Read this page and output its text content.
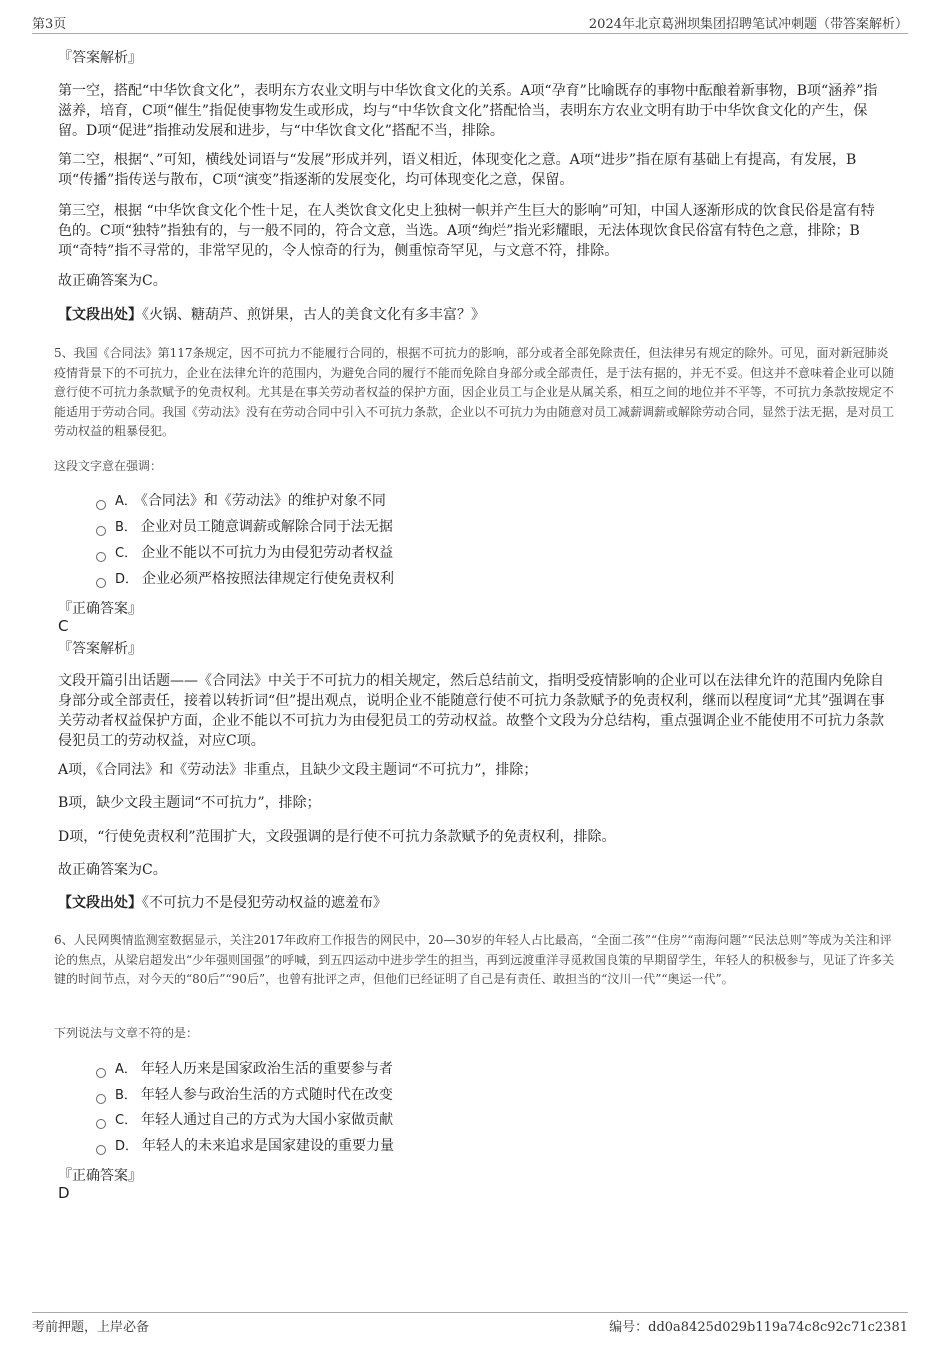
第3页	2024年北京葛洲坝集团招聘笔试冲刺题（带答案解析）
『答案解析』
第一空，搭配“中华饮食文化”，表明东方农业文明与中华饮食文化的关系。A项“孕育”比喻既存的事物中酝酿着新事物，B项“涵养”指滋养，培育，C项“催生”指促使事物发生或形成，均与“中华饮食文化”搭配恰当，表明东方农业文明有助于中华饮食文化的产生，保留。D项“促进”指推动发展和进步，与“中华饮食文化”搭配不当，排除。
第二空，根据“、”可知，横线处词语与“发展”形成并列，语义相近，体现变化之意。A项“进步”指在原有基础上有提高，有发展，B项“传播”指传送与散布，C项“演变”指逐渐的发展变化，均可体现变化之意，保留。
第三空，根据 “中华饮食文化个性十足，在人类饮食文化史上独树一帜并产生巨大的影响”可知，中国人逐渐形成的饮食民俗是富有特色的。C项“独特”指独有的，与一般不同的，符合文意，当选。A项“绚烂”指光彩耀眼，无法体现饮食民俗富有特色之意，排除；B项“奇特”指不寻常的，非常罕见的，令人惊奇的行为，侧重惊奇罕见，与文意不符，排除。
故正确答案为C。
【文段出处】《火锅、糖葫芦、煎饼果，古人的美食文化有多丰富？》
5、我国《合同法》第117条规定，因不可抗力不能履行合同的，根据不可抗力的影响，部分或者全部免除责任，但法律另有规定的除外。可见，面对新冠肺炎疫情背景下的不可抗力，企业在法律允许的范围内，为避免合同的履行不能而免除自身部分或全部责任，是于法有据的，并无不妥。但这并不意味着企业可以随意行使不可抗力条款赋予的免责权利。尤其是在事关劳动者权益的保护方面，因企业员工与企业是从属关系，相互之间的地位并不平等，不可抗力条款按规定不能适用于劳动合同。我国《劳动法》没有在劳动合同中引入不可抗力条款，企业以不可抗力为由随意对员工减薪调薪或解除劳动合同，显然于法无据，是对员工劳动权益的粗暴侵犯。
这段文字意在强调：
A． 《合同法》和《劳动法》的维护对象不同
B． 企业对员工随意调薪或解除合同于法无据
C． 企业不能以不可抗力为由侵犯劳动者权益
D． 企业必须严格按照法律规定行使免责权利
『正确答案』
C
『答案解析』
文段开篇引出话题——《合同法》中关于不可抗力的相关规定，然后总结前文，指明受疫情影响的企业可以在法律允许的范围内免除自身部分或全部责任，接着以转折词“但”提出观点，说明企业不能随意行使不可抗力条款赋予的免责权利，继而以程度词“尤其”强调在事关劳动者权益保护方面，企业不能以不可抗力为由侵犯员工的劳动权益。故整个文段为分总结构，重点强调企业不能使用不可抗力条款侵犯员工的劳动权益，对应C项。
A项，《合同法》和《劳动法》非重点，且缺少文段主题词“不可抗力”，排除；
B项，缺少文段主题词“不可抗力”，排除；
D项，“行使免责权利”范围扩大，文段强调的是行使不可抗力条款赋予的免责权利，排除。
故正确答案为C。
【文段出处】《不可抗力不是侵犯劳动权益的遮羞布》
6、人民网舆情监测室数据显示，关注2017年政府工作报告的网民中，20—30岁的年轻人占比最高，“全面二孩”“住房”“南海问题”“民法总则”等成为关注和评论的焦点，从梁启超发出“少年强则国强”的呼喊，到五四运动中进步学生的担当，再到远渡重洋寻觅救国良策的早期留学生，年轻人的积极参与，见证了许多关键的时间节点，对今天的“80后”“90后”，也曾有批评之声，但他们已经证明了自己是有责任、敢担当的“汶川一代”“奥运一代”。
下列说法与文章不符的是：
A． 年轻人历来是国家政治生活的重要参与者
B． 年轻人参与政治生活的方式随时代在改变
C． 年轻人通过自己的方式为大国小家做贡献
D． 年轻人的未来追求是国家建设的重要力量
『正确答案』
D
考前押题，上岸必备	编号：dd0a8425d029b119a74c8c92c71c2381
